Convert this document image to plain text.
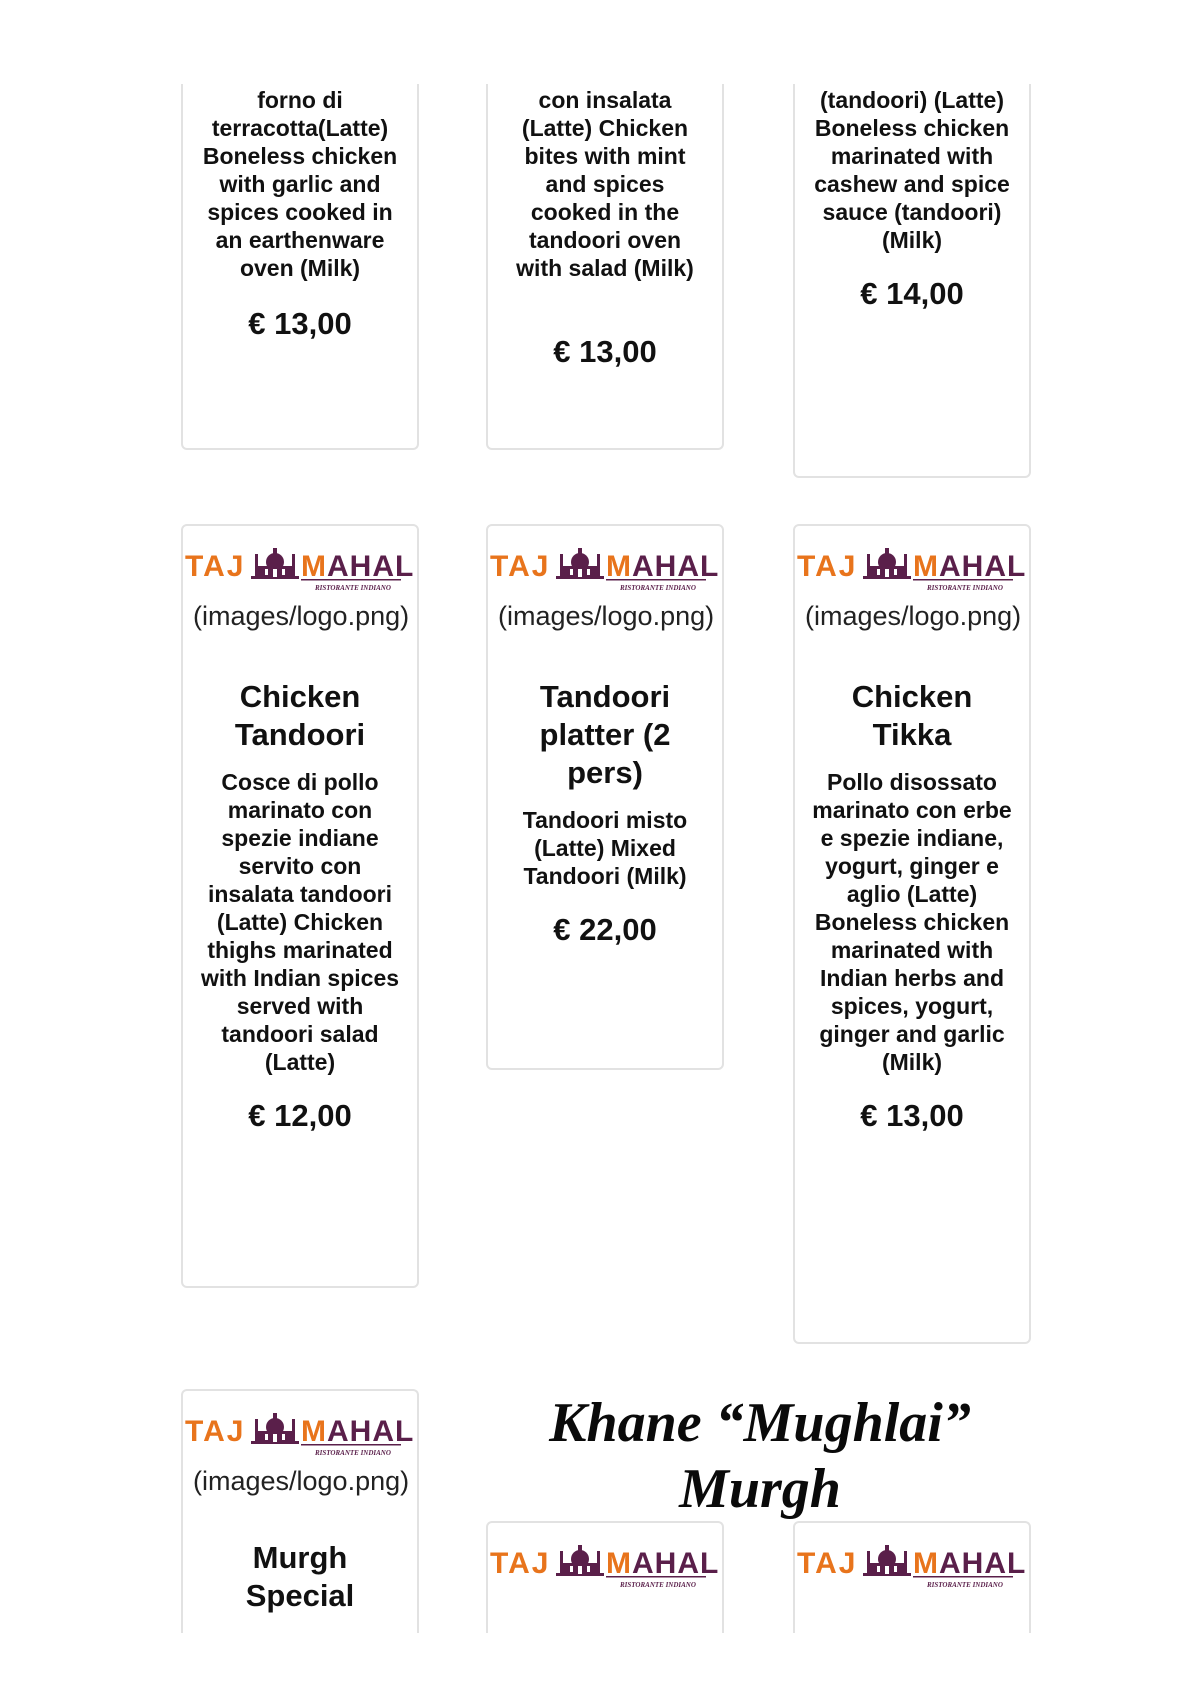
forno di terracotta(Latte) Boneless chicken with garlic and spices cooked in an earthenware oven (Milk)
€ 13,00
con insalata (Latte) Chicken bites with mint and spices cooked in the tandoori oven with salad (Milk)
€ 13,00
(tandoori) (Latte) Boneless chicken marinated with cashew and spice sauce (tandoori) (Milk)
€ 14,00
(images/logo.png)
Chicken Tandoori
Cosce di pollo marinato con spezie indiane servito con insalata tandoori (Latte) Chicken thighs marinated with Indian spices served with tandoori salad (Latte)
€ 12,00
(images/logo.png)
Tandoori platter (2 pers)
Tandoori misto (Latte) Mixed Tandoori (Milk)
€ 22,00
(images/logo.png)
Chicken Tikka
Pollo disossato marinato con erbe e spezie indiane, yogurt, ginger e aglio (Latte) Boneless chicken marinated with Indian herbs and spices, yogurt, ginger and garlic (Milk)
€ 13,00
(images/logo.png)
Murgh Special
Khane “Mughlai” Murgh
